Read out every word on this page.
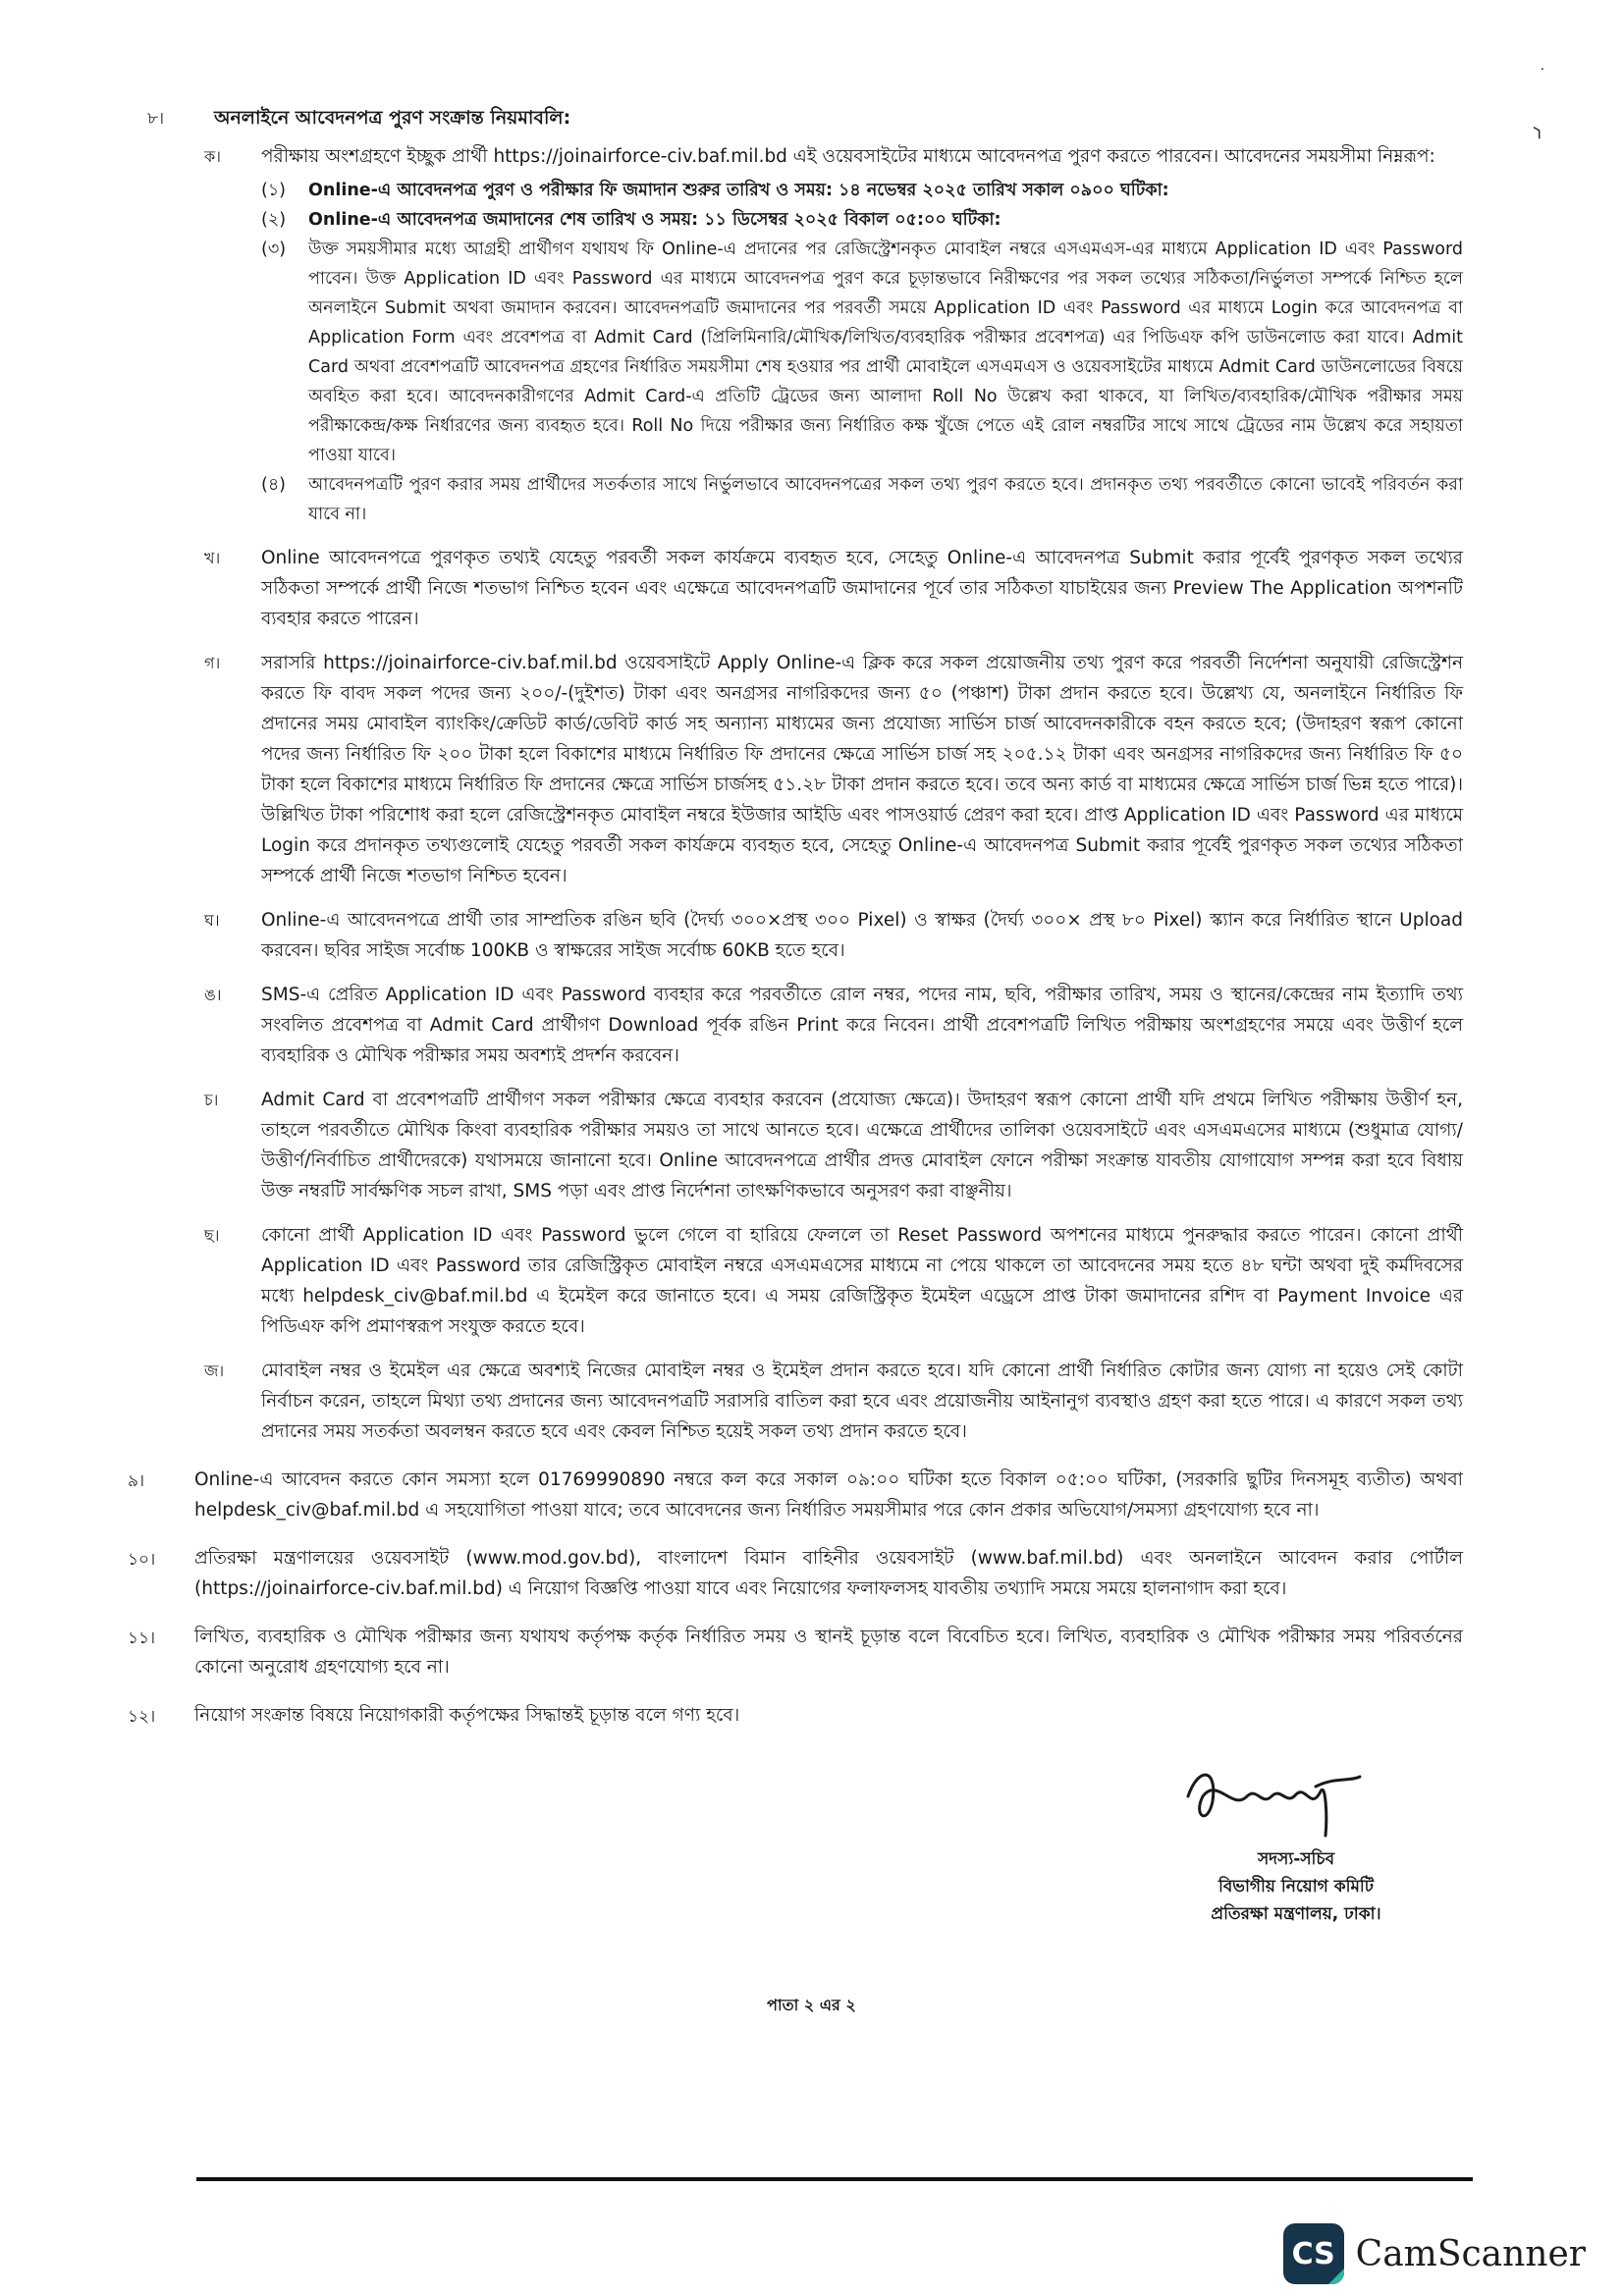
⸃
৮।	অনলাইনে আবেদনপত্র পুরণ সংক্রান্ত নিয়মাবলি:
ক।	পরীক্ষায় অংশগ্রহণে ইচ্ছুক প্রার্থী https://joinairforce-civ.baf.mil.bd এই ওয়েবসাইটের মাধ্যমে আবেদনপত্র পুরণ করতে পারবেন। আবেদনের সময়সীমা নিম্নরূপ:

(১)	Online-এ আবেদনপত্র পুরণ ও পরীক্ষার ফি জমাদান শুরুর তারিখ ও সময়: ১৪ নভেম্বর ২০২৫ তারিখ সকাল ০৯০০ ঘটিকা:
(২)	Online-এ আবেদনপত্র জমাদানের শেষ তারিখ ও সময়: ১১ ডিসেম্বর ২০২৫ বিকাল ০৫:০০ ঘটিকা:
(৩)	উক্ত সময়সীমার মধ্যে আগ্রহী প্রার্থীগণ যথাযথ ফি Online-এ প্রদানের পর রেজিস্ট্রেশনকৃত মোবাইল নম্বরে এসএমএস-এর মাধ্যমে Application ID এবং Password পাবেন। উক্ত Application ID এবং Password এর মাধ্যমে আবেদনপত্র পুরণ করে চূড়ান্তভাবে নিরীক্ষণের পর সকল তথ্যের সঠিকতা/নির্ভুলতা সম্পর্কে নিশ্চিত হলে অনলাইনে Submit অথবা জমাদান করবেন। আবেদনপত্রটি জমাদানের পর পরবর্তী সময়ে Application ID এবং Password এর মাধ্যমে Login করে আবেদনপত্র বা Application Form এবং প্রবেশপত্র বা Admit Card (প্রিলিমিনারি/মৌখিক/লিখিত/ব্যবহারিক পরীক্ষার প্রবেশপত্র) এর পিডিএফ কপি ডাউনলোড করা যাবে। Admit Card অথবা প্রবেশপত্রটি আবেদনপত্র গ্রহণের নির্ধারিত সময়সীমা শেষ হওয়ার পর প্রার্থী মোবাইলে এসএমএস ও ওয়েবসাইটের মাধ্যমে Admit Card ডাউনলোডের বিষয়ে অবহিত করা হবে। আবেদনকারীগণের Admit Card-এ প্রতিটি ট্রেডের জন্য আলাদা Roll No উল্লেখ করা থাকবে, যা লিখিত/ব্যবহারিক/মৌখিক পরীক্ষার সময় পরীক্ষাকেন্দ্র/কক্ষ নির্ধারণের জন্য ব্যবহৃত হবে। Roll No দিয়ে পরীক্ষার জন্য নির্ধারিত কক্ষ খুঁজে পেতে এই রোল নম্বরটির সাথে সাথে ট্রেডের নাম উল্লেখ করে সহায়তা পাওয়া যাবে।
(৪)	আবেদনপত্রটি পুরণ করার সময় প্রার্থীদের সতর্কতার সাথে নির্ভুলভাবে আবেদনপত্রের সকল তথ্য পুরণ করতে হবে। প্রদানকৃত তথ্য পরবর্তীতে কোনো ভাবেই পরিবর্তন করা যাবে না।
খ।	Online আবেদনপত্রে পুরণকৃত তথ্যই যেহেতু পরবর্তী সকল কার্যক্রমে ব্যবহৃত হবে, সেহেতু Online-এ আবেদনপত্র Submit করার পূর্বেই পুরণকৃত সকল তথ্যের সঠিকতা সম্পর্কে প্রার্থী নিজে শতভাগ নিশ্চিত হবেন এবং এক্ষেত্রে আবেদনপত্রটি জমাদানের পূর্বে তার সঠিকতা যাচাইয়ের জন্য Preview The Application অপশনটি ব্যবহার করতে পারেন।
গ।	সরাসরি https://joinairforce-civ.baf.mil.bd ওয়েবসাইটে Apply Online-এ ক্লিক করে সকল প্রয়োজনীয় তথ্য পুরণ করে পরবর্তী নির্দেশনা অনুযায়ী রেজিস্ট্রেশন করতে ফি বাবদ সকল পদের জন্য ২০০/-(দুইশত) টাকা এবং অনগ্রসর নাগরিকদের জন্য ৫০ (পঞ্চাশ) টাকা প্রদান করতে হবে। উল্লেখ্য যে, অনলাইনে নির্ধারিত ফি প্রদানের সময় মোবাইল ব্যাংকিং/ক্রেডিট কার্ড/ডেবিট কার্ড সহ অন্যান্য মাধ্যমের জন্য প্রযোজ্য সার্ভিস চার্জ আবেদনকারীকে বহন করতে হবে; (উদাহরণ স্বরূপ কোনো পদের জন্য নির্ধারিত ফি ২০০ টাকা হলে বিকাশের মাধ্যমে নির্ধারিত ফি প্রদানের ক্ষেত্রে সার্ভিস চার্জ সহ ২০৫.১২ টাকা এবং অনগ্রসর নাগরিকদের জন্য নির্ধারিত ফি ৫০ টাকা হলে বিকাশের মাধ্যমে নির্ধারিত ফি প্রদানের ক্ষেত্রে সার্ভিস চার্জসহ ৫১.২৮ টাকা প্রদান করতে হবে। তবে অন্য কার্ড বা মাধ্যমের ক্ষেত্রে সার্ভিস চার্জ ভিন্ন হতে পারে)। উল্লিখিত টাকা পরিশোধ করা হলে রেজিস্ট্রেশনকৃত মোবাইল নম্বরে ইউজার আইডি এবং পাসওয়ার্ড প্রেরণ করা হবে। প্রাপ্ত Application ID এবং Password এর মাধ্যমে Login করে প্রদানকৃত তথ্যগুলোই যেহেতু পরবর্তী সকল কার্যক্রমে ব্যবহৃত হবে, সেহেতু Online-এ আবেদনপত্র Submit করার পূর্বেই পুরণকৃত সকল তথ্যের সঠিকতা সম্পর্কে প্রার্থী নিজে শতভাগ নিশ্চিত হবেন।
ঘ।	Online-এ আবেদনপত্রে প্রার্থী তার সাম্প্রতিক রঙিন ছবি (দৈর্ঘ্য ৩০০×প্রস্থ ৩০০ Pixel) ও স্বাক্ষর (দৈর্ঘ্য ৩০০× প্রস্থ ৮০ Pixel) স্ক্যান করে নির্ধারিত স্থানে Upload করবেন। ছবির সাইজ সর্বোচ্চ 100KB ও স্বাক্ষরের সাইজ সর্বোচ্চ 60KB হতে হবে।
ঙ।	SMS-এ প্রেরিত Application ID এবং Password ব্যবহার করে পরবর্তীতে রোল নম্বর, পদের নাম, ছবি, পরীক্ষার তারিখ, সময় ও স্থানের/কেন্দ্রের নাম ইত্যাদি তথ্য সংবলিত প্রবেশপত্র বা Admit Card প্রার্থীগণ Download পূর্বক রঙিন Print করে নিবেন। প্রার্থী প্রবেশপত্রটি লিখিত পরীক্ষায় অংশগ্রহণের সময়ে এবং উত্তীর্ণ হলে ব্যবহারিক ও মৌখিক পরীক্ষার সময় অবশ্যই প্রদর্শন করবেন।
চ।	Admit Card বা প্রবেশপত্রটি প্রার্থীগণ সকল পরীক্ষার ক্ষেত্রে ব্যবহার করবেন (প্রযোজ্য ক্ষেত্রে)। উদাহরণ স্বরূপ কোনো প্রার্থী যদি প্রথমে লিখিত পরীক্ষায় উত্তীর্ণ হন, তাহলে পরবর্তীতে মৌখিক কিংবা ব্যবহারিক পরীক্ষার সময়ও তা সাথে আনতে হবে। এক্ষেত্রে প্রার্থীদের তালিকা ওয়েবসাইটে এবং এসএমএসের মাধ্যমে (শুধুমাত্র যোগ্য/উত্তীর্ণ/নির্বাচিত প্রার্থীদেরকে) যথাসময়ে জানানো হবে। Online আবেদনপত্রে প্রার্থীর প্রদত্ত মোবাইল ফোনে পরীক্ষা সংক্রান্ত যাবতীয় যোগাযোগ সম্পন্ন করা হবে বিধায় উক্ত নম্বরটি সার্বক্ষণিক সচল রাখা, SMS পড়া এবং প্রাপ্ত নির্দেশনা তাৎক্ষণিকভাবে অনুসরণ করা বাঞ্ছনীয়।
ছ।	কোনো প্রার্থী Application ID এবং Password ভুলে গেলে বা হারিয়ে ফেললে তা Reset Password অপশনের মাধ্যমে পুনরুদ্ধার করতে পারেন। কোনো প্রার্থী Application ID এবং Password তার রেজিস্ট্রিকৃত মোবাইল নম্বরে এসএমএসের মাধ্যমে না পেয়ে থাকলে তা আবেদনের সময় হতে ৪৮ ঘন্টা অথবা দুই কর্মদিবসের মধ্যে helpdesk_civ@baf.mil.bd এ ইমেইল করে জানাতে হবে। এ সময় রেজিস্ট্রিকৃত ইমেইল এড্রেসে প্রাপ্ত টাকা জমাদানের রশিদ বা Payment Invoice এর পিডিএফ কপি প্রমাণস্বরূপ সংযুক্ত করতে হবে।
জ।	মোবাইল নম্বর ও ইমেইল এর ক্ষেত্রে অবশ্যই নিজের মোবাইল নম্বর ও ইমেইল প্রদান করতে হবে। যদি কোনো প্রার্থী নির্ধারিত কোটার জন্য যোগ্য না হয়েও সেই কোটা নির্বাচন করেন, তাহলে মিথ্যা তথ্য প্রদানের জন্য আবেদনপত্রটি সরাসরি বাতিল করা হবে এবং প্রয়োজনীয় আইনানুগ ব্যবস্থাও গ্রহণ করা হতে পারে। এ কারণে সকল তথ্য প্রদানের সময় সতর্কতা অবলম্বন করতে হবে এবং কেবল নিশ্চিত হয়েই সকল তথ্য প্রদান করতে হবে।
৯।	Online-এ আবেদন করতে কোন সমস্যা হলে 01769990890 নম্বরে কল করে সকাল ০৯:০০ ঘটিকা হতে বিকাল ০৫:০০ ঘটিকা, (সরকারি ছুটির দিনসমূহ ব্যতীত) অথবা helpdesk_civ@baf.mil.bd এ সহযোগিতা পাওয়া যাবে; তবে আবেদনের জন্য নির্ধারিত সময়সীমার পরে কোন প্রকার অভিযোগ/সমস্যা গ্রহণযোগ্য হবে না।
১০।	প্রতিরক্ষা মন্ত্রণালয়ের ওয়েবসাইট (www.mod.gov.bd), বাংলাদেশ বিমান বাহিনীর ওয়েবসাইট (www.baf.mil.bd) এবং অনলাইনে আবেদন করার পোর্টাল (https://joinairforce-civ.baf.mil.bd) এ নিয়োগ বিজ্ঞপ্তি পাওয়া যাবে এবং নিয়োগের ফলাফলসহ যাবতীয় তথ্যাদি সময়ে সময়ে হালনাগাদ করা হবে।
১১।	লিখিত, ব্যবহারিক ও মৌখিক পরীক্ষার জন্য যথাযথ কর্তৃপক্ষ কর্তৃক নির্ধারিত সময় ও স্থানই চূড়ান্ত বলে বিবেচিত হবে। লিখিত, ব্যবহারিক ও মৌখিক পরীক্ষার সময় পরিবর্তনের কোনো অনুরোধ গ্রহণযোগ্য হবে না।
১২।	নিয়োগ সংক্রান্ত বিষয়ে নিয়োগকারী কর্তৃপক্ষের সিদ্ধান্তই চূড়ান্ত বলে গণ্য হবে।
সদস্য-সচিব
বিভাগীয় নিয়োগ কমিটি
প্রতিরক্ষা মন্ত্রণালয়, ঢাকা।
পাতা ২ এর ২
CS CamScanner
